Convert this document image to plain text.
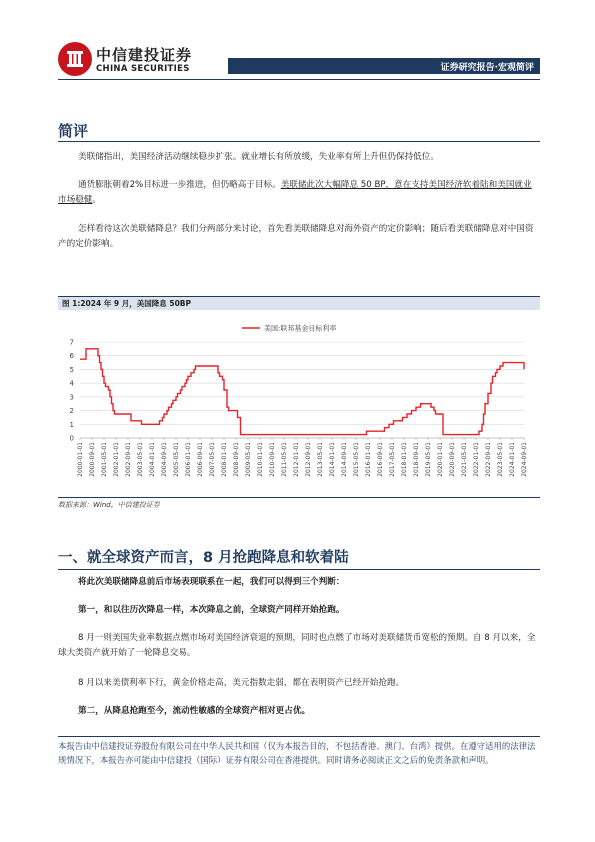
中信建投证券
CHINA SECURITIES	证券研究报告·宏观简评
简评
美联储指出，美国经济活动继续稳步扩张。就业增长有所放缓，失业率有所上升但仍保持低位。
通货膨胀朝着2%目标进一步推进，但仍略高于目标。美联储此次大幅降息 50 BP，意在支持美国经济软着陆和美国就业市场稳健。
怎样看待这次美联储降息？我们分两部分来讨论，首先看美联储降息对海外资产的定价影响；随后看美联储降息对中国资产的定价影响。
图 1:2024 年 9 月，美国降息 50BP
0
1
2
3
4
5
6
7
2000-01-01 2000-09-01 2001-05-01 2002-01-01 2002-09-01 2003-05-01 2004-01-01 2004-09-01 2005-05-01 2006-01-01 2006-09-01 2007-05-01 2008-01-01 2008-09-01 2009-05-01 2010-01-01 2010-09-01 2011-05-01 2012-01-01 2012-09-01 2013-05-01 2014-01-01 2014-09-01 2015-05-01 2016-01-01 2016-09-01 2017-05-01 2018-01-01 2018-09-01 2019-05-01 2020-01-01 2020-09-01 2021-05-01 2022-01-01 2022-09-01 2023-05-01 2024-01-01 2024-09-01
美国:联邦基金目标利率
数据来源：Wind，中信建投证券
一、就全球资产而言，8 月抢跑降息和软着陆
将此次美联储降息前后市场表现联系在一起，我们可以得到三个判断：
第一，和以往历次降息一样，本次降息之前，全球资产同样开始抢跑。
8 月一则美国失业率数据点燃市场对美国经济衰退的预期，同时也点燃了市场对美联储货币宽松的预期。自 8 月以来，全球大类资产就开始了一轮降息交易。
8 月以来美债利率下行，黄金价格走高，美元指数走弱，都在表明资产已经开始抢跑。
第二，从降息抢跑至今，流动性敏感的全球资产相对更占优。
本报告由中信建投证券股份有限公司在中华人民共和国（仅为本报告目的，不包括香港、澳门、台湾）提供。在遵守适用的法律法规情况下，本报告亦可能由中信建投（国际）证券有限公司在香港提供。同时请务必阅读正文之后的免责条款和声明。
